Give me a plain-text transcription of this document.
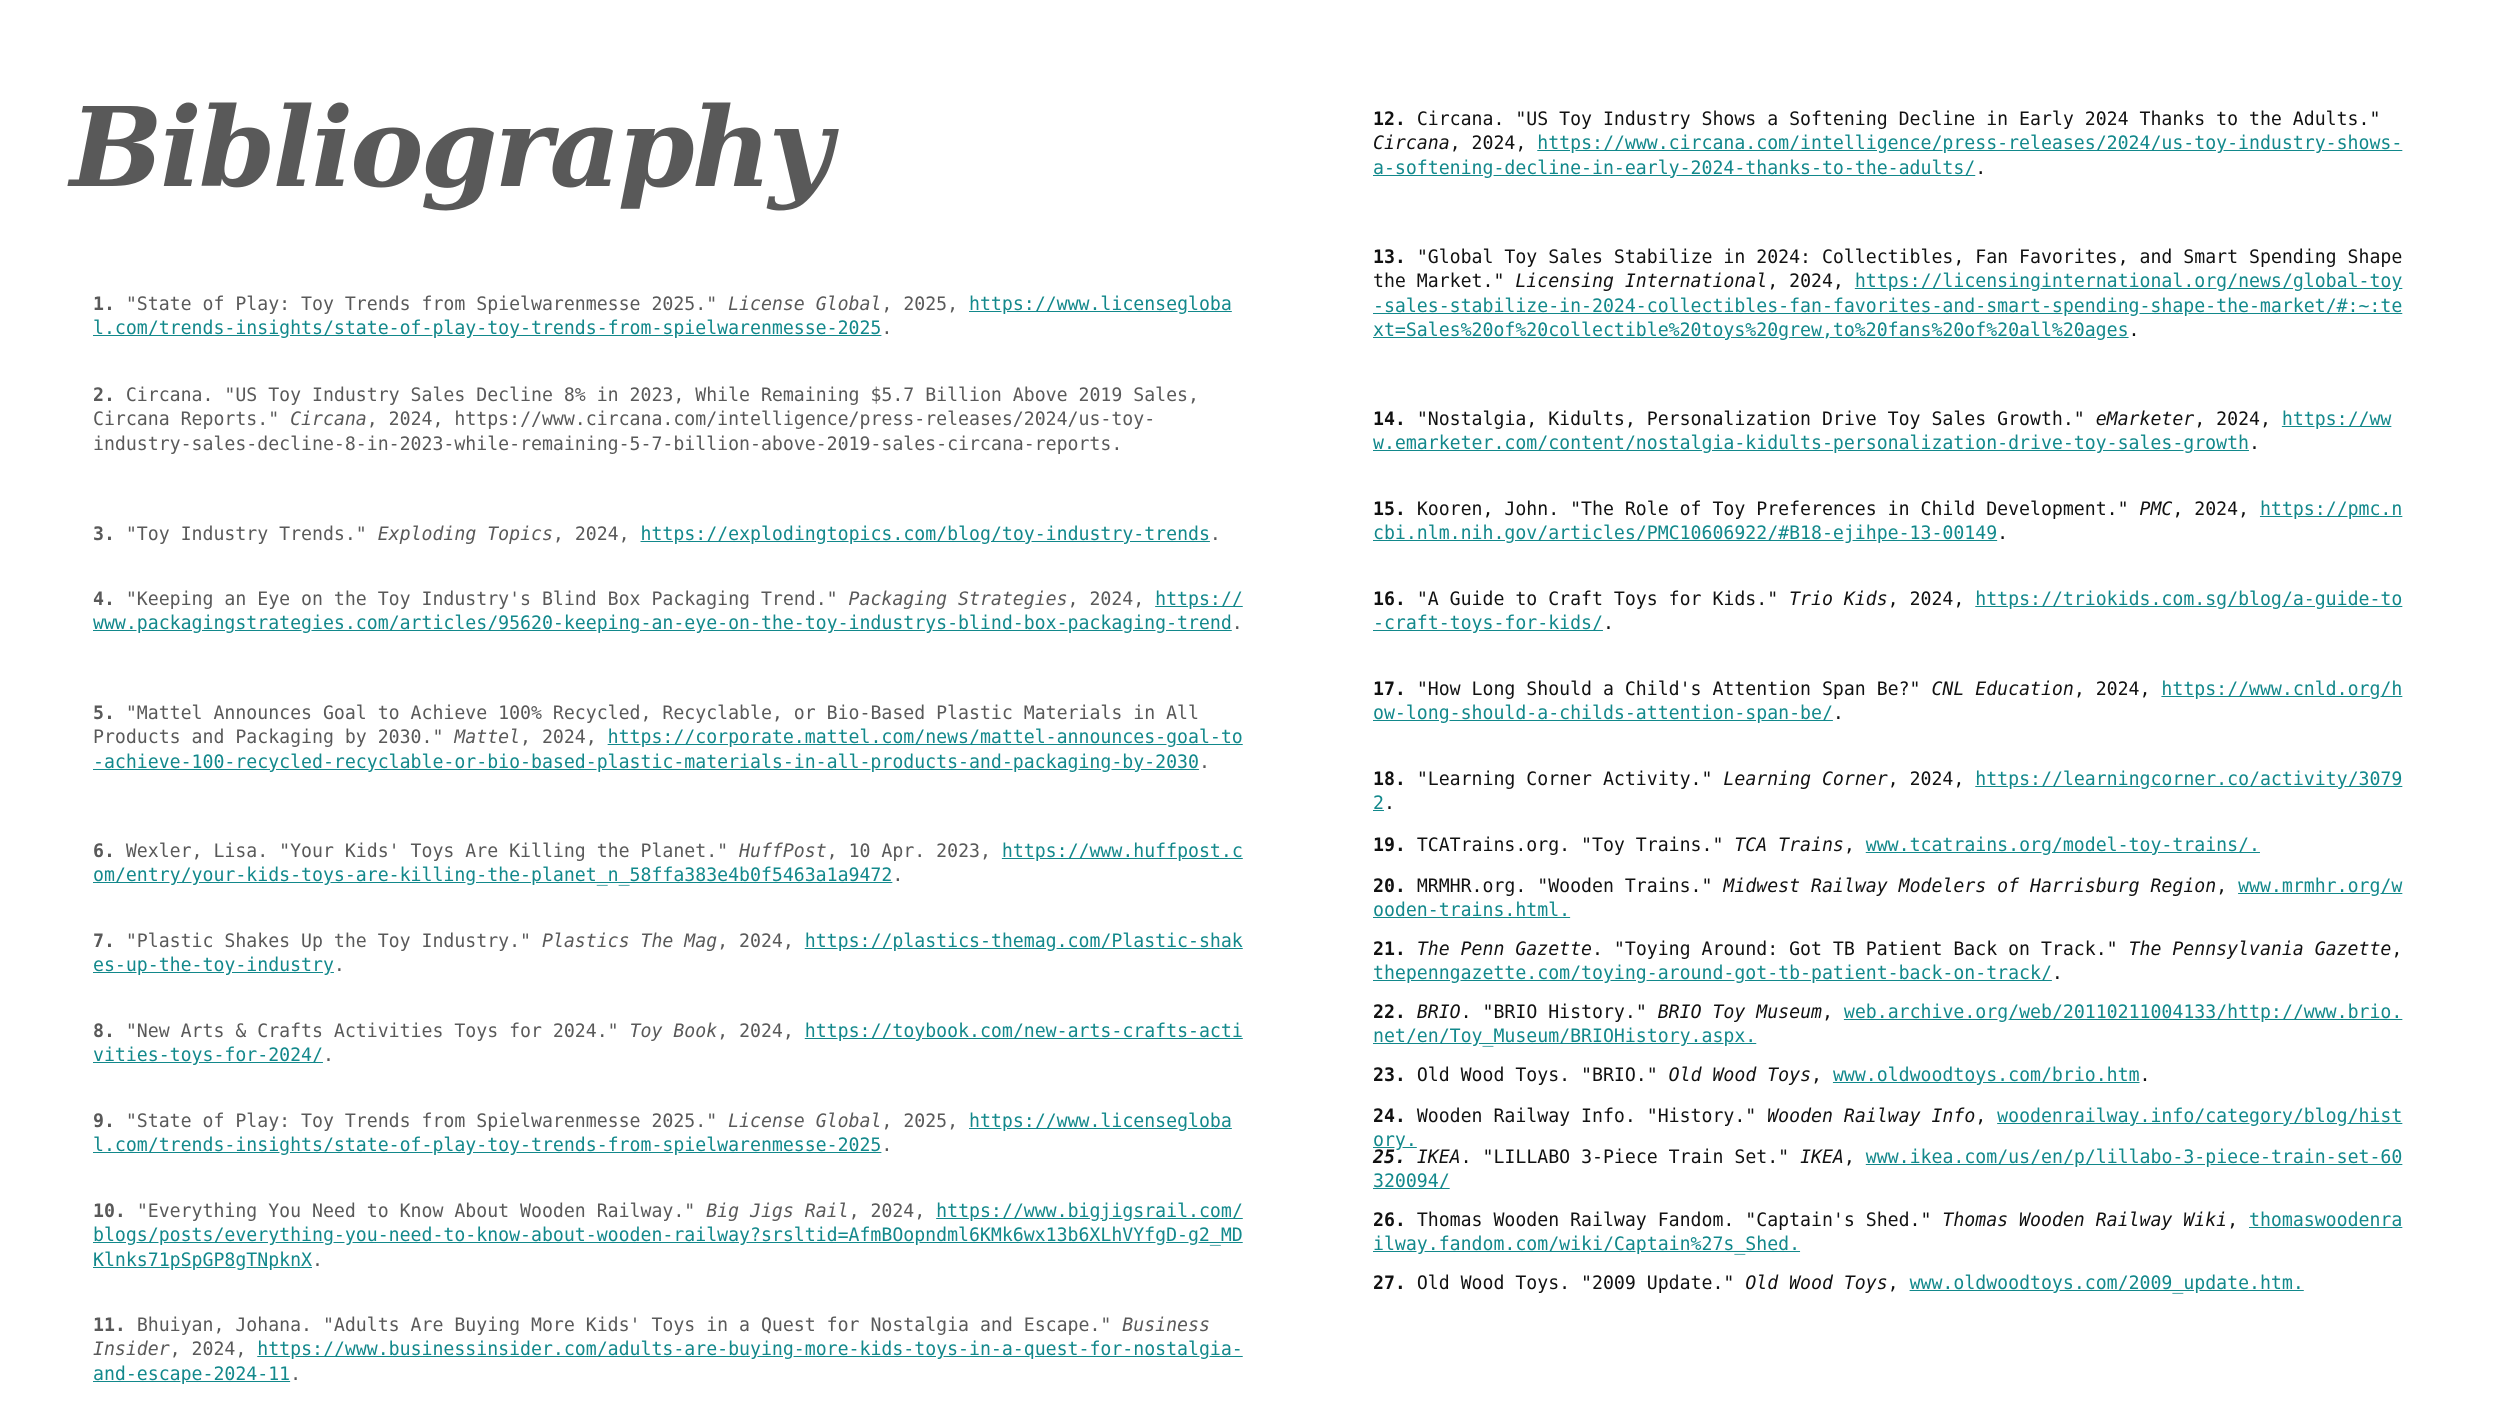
Bibliography

1. "State of Play: Toy Trends from Spielwarenmesse 2025." License Global, 2025, https://www.licenseglobal.com/trends-insights/state-of-play-toy-trends-from-spielwarenmesse-2025.

2. Circana. "US Toy Industry Sales Decline 8% in 2023, While Remaining $5.7 Billion Above 2019 Sales, Circana Reports." Circana, 2024, https://www.circana.com/intelligence/press-releases/2024/us-toy-industry-sales-decline-8-in-2023-while-remaining-5-7-billion-above-2019-sales-circana-reports.

3. "Toy Industry Trends." Exploding Topics, 2024, https://explodingtopics.com/blog/toy-industry-trends.

4. "Keeping an Eye on the Toy Industry's Blind Box Packaging Trend." Packaging Strategies, 2024, https://www.packagingstrategies.com/articles/95620-keeping-an-eye-on-the-toy-industrys-blind-box-packaging-trend.

5. "Mattel Announces Goal to Achieve 100% Recycled, Recyclable, or Bio-Based Plastic Materials in All Products and Packaging by 2030." Mattel, 2024, https://corporate.mattel.com/news/mattel-announces-goal-to-achieve-100-recycled-recyclable-or-bio-based-plastic-materials-in-all-products-and-packaging-by-2030.

6. Wexler, Lisa. "Your Kids' Toys Are Killing the Planet." HuffPost, 10 Apr. 2023, https://www.huffpost.com/entry/your-kids-toys-are-killing-the-planet_n_58ffa383e4b0f5463a1a9472.

7. "Plastic Shakes Up the Toy Industry." Plastics The Mag, 2024, https://plastics-themag.com/Plastic-shakes-up-the-toy-industry.

8. "New Arts & Crafts Activities Toys for 2024." Toy Book, 2024, https://toybook.com/new-arts-crafts-activities-toys-for-2024/.

9. "State of Play: Toy Trends from Spielwarenmesse 2025." License Global, 2025, https://www.licenseglobal.com/trends-insights/state-of-play-toy-trends-from-spielwarenmesse-2025.

10. "Everything You Need to Know About Wooden Railway." Big Jigs Rail, 2024, https://www.bigjigsrail.com/blogs/posts/everything-you-need-to-know-about-wooden-railway?srsltid=AfmBOopndml6KMk6wx13b6XLhVYfgD-g2_MDKlnks71pSpGP8gTNpknX.

11. Bhuiyan, Johana. "Adults Are Buying More Kids' Toys in a Quest for Nostalgia and Escape." Business Insider, 2024, https://www.businessinsider.com/adults-are-buying-more-kids-toys-in-a-quest-for-nostalgia-and-escape-2024-11.

12. Circana. "US Toy Industry Shows a Softening Decline in Early 2024 Thanks to the Adults." Circana, 2024, https://www.circana.com/intelligence/press-releases/2024/us-toy-industry-shows-a-softening-decline-in-early-2024-thanks-to-the-adults/.

13. "Global Toy Sales Stabilize in 2024: Collectibles, Fan Favorites, and Smart Spending Shape the Market." Licensing International, 2024, https://licensinginternational.org/news/global-toy-sales-stabilize-in-2024-collectibles-fan-favorites-and-smart-spending-shape-the-market/#:~:text=Sales%20of%20collectible%20toys%20grew,to%20fans%20of%20all%20ages.

14. "Nostalgia, Kidults, Personalization Drive Toy Sales Growth." eMarketer, 2024, https://www.emarketer.com/content/nostalgia-kidults-personalization-drive-toy-sales-growth.

15. Kooren, John. "The Role of Toy Preferences in Child Development." PMC, 2024, https://pmc.ncbi.nlm.nih.gov/articles/PMC10606922/#B18-ejihpe-13-00149.

16. "A Guide to Craft Toys for Kids." Trio Kids, 2024, https://triokids.com.sg/blog/a-guide-to-craft-toys-for-kids/.

17. "How Long Should a Child's Attention Span Be?" CNL Education, 2024, https://www.cnld.org/how-long-should-a-childs-attention-span-be/.

18. "Learning Corner Activity." Learning Corner, 2024, https://learningcorner.co/activity/30792.

19. TCATrains.org. "Toy Trains." TCA Trains, www.tcatrains.org/model-toy-trains/.

20. MRMHR.org. "Wooden Trains." Midwest Railway Modelers of Harrisburg Region, www.mrmhr.org/wooden-trains.html.

21. The Penn Gazette. "Toying Around: Got TB Patient Back on Track." The Pennsylvania Gazette, thepenngazette.com/toying-around-got-tb-patient-back-on-track/.

22. BRIO. "BRIO History." BRIO Toy Museum, web.archive.org/web/20110211004133/http://www.brio.net/en/Toy_Museum/BRIOHistory.aspx.

23. Old Wood Toys. "BRIO." Old Wood Toys, www.oldwoodtoys.com/brio.htm.

24. Wooden Railway Info. "History." Wooden Railway Info, woodenrailway.info/category/blog/history.

25. IKEA. "LILLABO 3-Piece Train Set." IKEA, www.ikea.com/us/en/p/lillabo-3-piece-train-set-60320094/

26. Thomas Wooden Railway Fandom. "Captain's Shed." Thomas Wooden Railway Wiki, thomaswoodenrailway.fandom.com/wiki/Captain%27s_Shed.

27. Old Wood Toys. "2009 Update." Old Wood Toys, www.oldwoodtoys.com/2009_update.htm.
